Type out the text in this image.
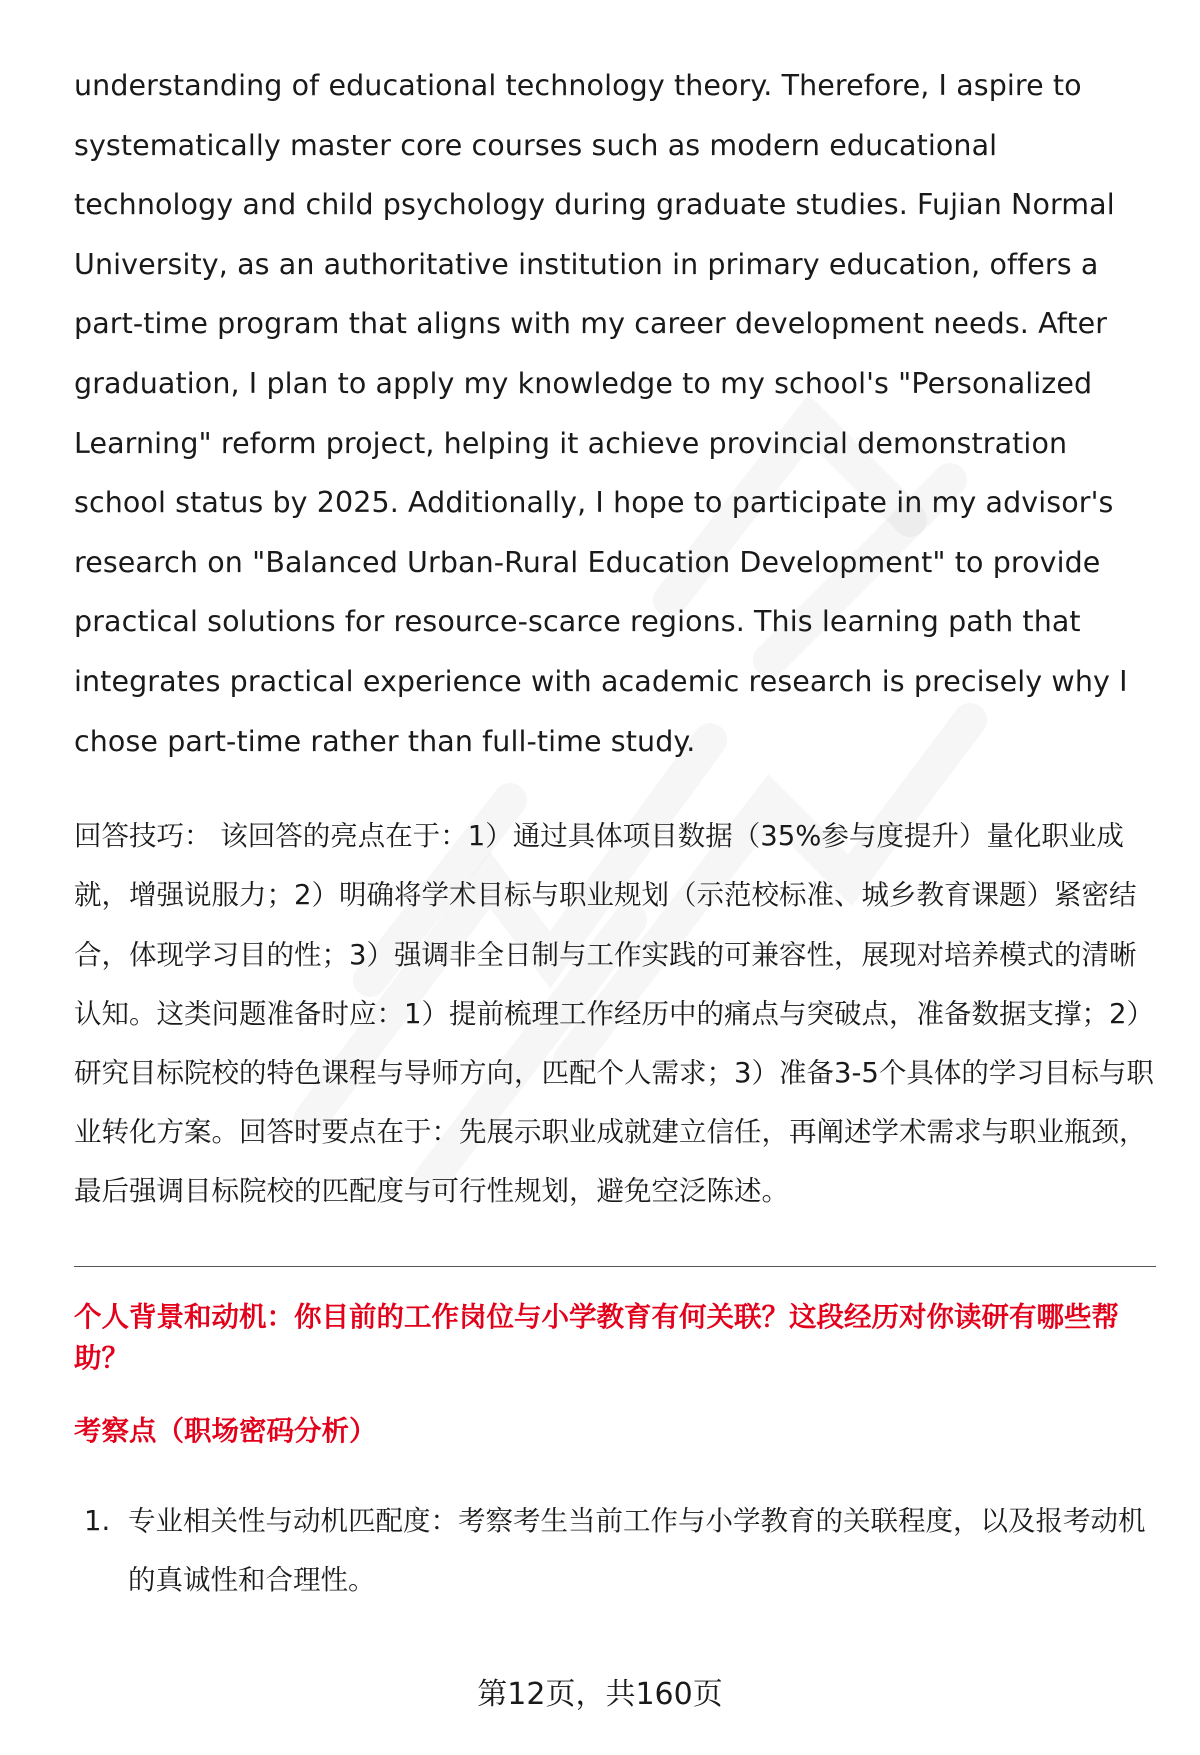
understanding of educational technology theory. Therefore, I aspire to systematically master core courses such as modern educational technology and child psychology during graduate studies. Fujian Normal University, as an authoritative institution in primary education, offers a part-time program that aligns with my career development needs. After graduation, I plan to apply my knowledge to my school's "Personalized Learning" reform project, helping it achieve provincial demonstration school status by 2025. Additionally, I hope to participate in my advisor's research on "Balanced Urban-Rural Education Development" to provide practical solutions for resource-scarce regions. This learning path that integrates practical experience with academic research is precisely why I chose part-time rather than full-time study.

回答技巧： 该回答的亮点在于：1）通过具体项目数据（35%参与度提升）量化职业成就，增强说服力；2）明确将学术目标与职业规划（示范校标准、城乡教育课题）紧密结合，体现学习目的性；3）强调非全日制与工作实践的可兼容性，展现对培养模式的清晰认知。这类问题准备时应：1）提前梳理工作经历中的痛点与突破点，准备数据支撑；2）研究目标院校的特色课程与导师方向，匹配个人需求；3）准备3-5个具体的学习目标与职业转化方案。回答时要点在于：先展示职业成就建立信任，再阐述学术需求与职业瓶颈，最后强调目标院校的匹配度与可行性规划，避免空泛陈述。

个人背景和动机：你目前的工作岗位与小学教育有何关联？这段经历对你读研有哪些帮助？
考察点（职场密码分析）
1. 专业相关性与动机匹配度：考察考生当前工作与小学教育的关联程度，以及报考动机的真诚性和合理性。
第12页，共160页
